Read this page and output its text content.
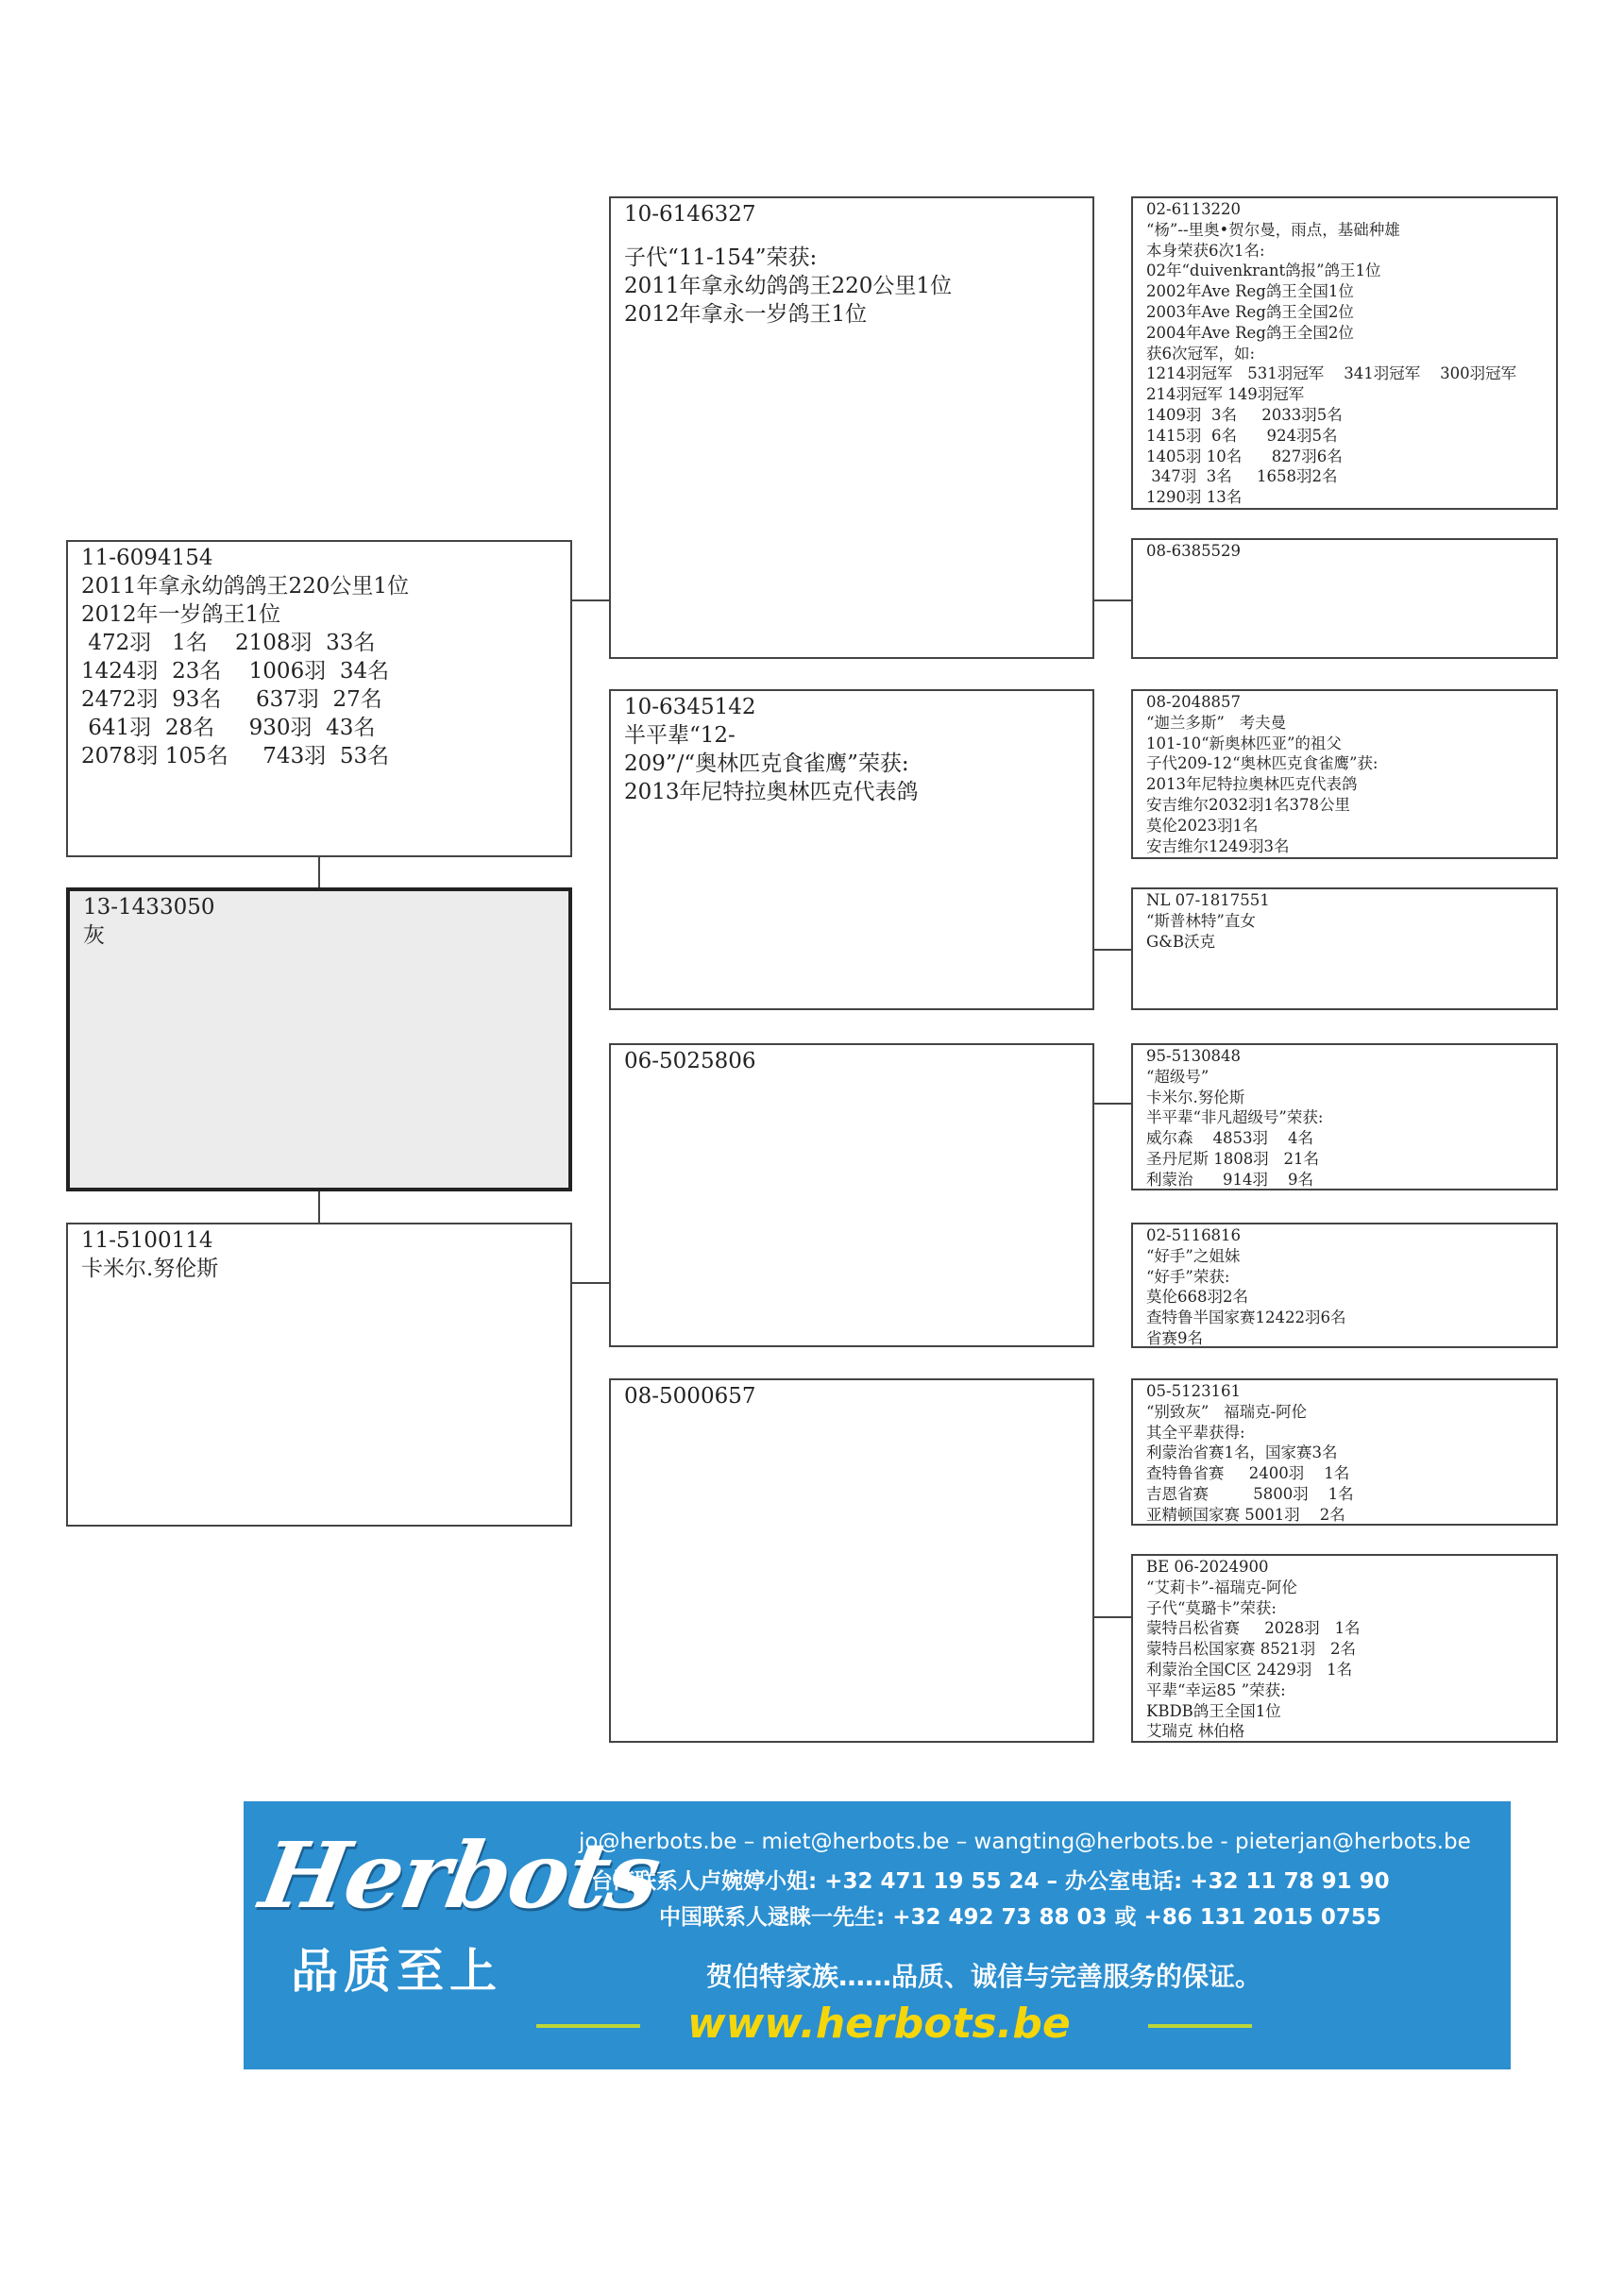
11-6094154
2011年拿永幼鸽鸽王220公里1位
2012年一岁鸽王1位
472羽   1名    2108羽  33名
1424羽  23名    1006羽  34名
2472羽  93名     637羽  27名
641羽  28名     930羽  43名
2078羽 105名     743羽  53名
13-1433050
灰
11-5100114
卡米尔.努伦斯
10-6146327
子代“11-154”荣获:
2011年拿永幼鸽鸽王220公里1位
2012年拿永一岁鸽王1位
10-6345142
半平辈“12-
209”/“奥林匹克食雀鹰”荣获:
2013年尼特拉奥林匹克代表鸽
06-5025806
08-5000657
02-6113220
“杨”--里奥•贺尔曼，雨点，基础种雄
本身荣获6次1名:
02年“duivenkrant鸽报”鸽王1位
2002年Ave Reg鸽王全国1位
2003年Ave Reg鸽王全国2位
2004年Ave Reg鸽王全国2位
获6次冠军，如:
1214羽冠军   531羽冠军    341羽冠军    300羽冠军
214羽冠军 149羽冠军
1409羽  3名     2033羽5名
1415羽  6名      924羽5名
1405羽 10名      827羽6名
347羽  3名     1658羽2名
1290羽 13名
08-6385529
08-2048857
“迦兰多斯”   考夫曼
101-10“新奥林匹亚”的祖父
子代209-12“奥林匹克食雀鹰”获:
2013年尼特拉奥林匹克代表鸽
安吉维尔2032羽1名378公里
莫伦2023羽1名
安吉维尔1249羽3名
NL 07-1817551
“斯普林特”直女
G&B沃克
95-5130848
“超级号”
卡米尔.努伦斯
半平辈“非凡超级号”荣获:
威尔森    4853羽    4名
圣丹尼斯 1808羽   21名
利蒙治      914羽    9名
02-5116816
“好手”之姐妹
“好手”荣获:
莫伦668羽2名
查特鲁半国家赛12422羽6名
省赛9名
05-5123161
“别致灰”   福瑞克-阿伦
其全平辈获得:
利蒙治省赛1名，国家赛3名
查特鲁省赛     2400羽    1名
吉恩省赛         5800羽    1名
亚精顿国家赛 5001羽    2名
BE 06-2024900
“艾莉卡”-福瑞克-阿伦
子代“莫璐卡”荣获:
蒙特吕松省赛     2028羽   1名
蒙特吕松国家赛 8521羽   2名
利蒙治全国C区 2429羽   1名
平辈“幸运85 ”荣获:
KBDB鸽王全国1位
艾瑞克 林伯格
Herbots
品质至上
jo@herbots.be – miet@herbots.be – wangting@herbots.be - pieterjan@herbots.be
台湾联系人卢婉婷小姐: +32 471 19 55 24 – 办公室电话: +32 11 78 91 90
中国联系人逯睐一先生: +32 492 73 88 03 或 +86 131 2015 0755
贺伯特家族……品质、诚信与完善服务的保证。
www.herbots.be
